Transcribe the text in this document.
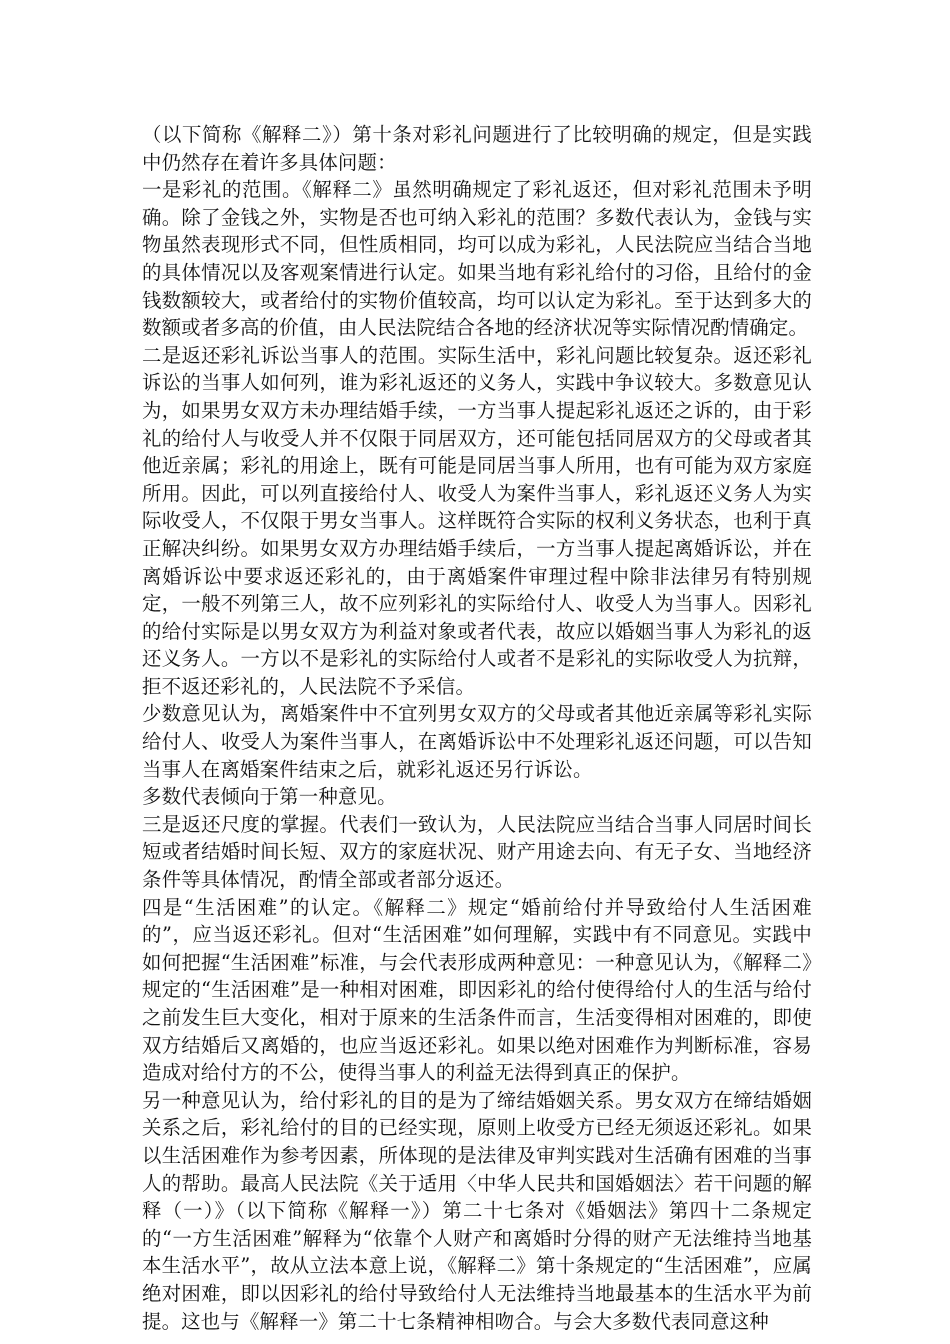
（以下简称《解释二》）第十条对彩礼问题进行了比较明确的规定，但是实践中仍然存在着许多具体问题：

一是彩礼的范围。《解释二》虽然明确规定了彩礼返还，但对彩礼范围未予明确。除了金钱之外，实物是否也可纳入彩礼的范围？多数代表认为，金钱与实物虽然表现形式不同，但性质相同，均可以成为彩礼，人民法院应当结合当地的具体情况以及客观案情进行认定。如果当地有彩礼给付的习俗，且给付的金钱数额较大，或者给付的实物价值较高，均可以认定为彩礼。至于达到多大的数额或者多高的价值，由人民法院结合各地的经济状况等实际情况酌情确定。

二是返还彩礼诉讼当事人的范围。实际生活中，彩礼问题比较复杂。返还彩礼诉讼的当事人如何列，谁为彩礼返还的义务人，实践中争议较大。多数意见认为，如果男女双方未办理结婚手续，一方当事人提起彩礼返还之诉的，由于彩礼的给付人与收受人并不仅限于同居双方，还可能包括同居双方的父母或者其他近亲属；彩礼的用途上，既有可能是同居当事人所用，也有可能为双方家庭所用。因此，可以列直接给付人、收受人为案件当事人，彩礼返还义务人为实际收受人，不仅限于男女当事人。这样既符合实际的权利义务状态，也利于真正解决纠纷。如果男女双方办理结婚手续后，一方当事人提起离婚诉讼，并在离婚诉讼中要求返还彩礼的，由于离婚案件审理过程中除非法律另有特别规定，一般不列第三人，故不应列彩礼的实际给付人、收受人为当事人。因彩礼的给付实际是以男女双方为利益对象或者代表，故应以婚姻当事人为彩礼的返还义务人。一方以不是彩礼的实际给付人或者不是彩礼的实际收受人为抗辩，拒不返还彩礼的，人民法院不予采信。

少数意见认为，离婚案件中不宜列男女双方的父母或者其他近亲属等彩礼实际给付人、收受人为案件当事人，在离婚诉讼中不处理彩礼返还问题，可以告知当事人在离婚案件结束之后，就彩礼返还另行诉讼。

多数代表倾向于第一种意见。

三是返还尺度的掌握。代表们一致认为，人民法院应当结合当事人同居时间长短或者结婚时间长短、双方的家庭状况、财产用途去向、有无子女、当地经济条件等具体情况，酌情全部或者部分返还。

四是“生活困难”的认定。《解释二》规定“婚前给付并导致给付人生活困难的”，应当返还彩礼。但对“生活困难”如何理解，实践中有不同意见。实践中如何把握“生活困难”标准，与会代表形成两种意见：一种意见认为，《解释二》规定的“生活困难”是一种相对困难，即因彩礼的给付使得给付人的生活与给付之前发生巨大变化，相对于原来的生活条件而言，生活变得相对困难的，即使双方结婚后又离婚的，也应当返还彩礼。如果以绝对困难作为判断标准，容易造成对给付方的不公，使得当事人的利益无法得到真正的保护。

另一种意见认为，给付彩礼的目的是为了缔结婚姻关系。男女双方在缔结婚姻关系之后，彩礼给付的目的已经实现，原则上收受方已经无须返还彩礼。如果以生活困难作为参考因素，所体现的是法律及审判实践对生活确有困难的当事人的帮助。最高人民法院《关于适用〈中华人民共和国婚姻法〉若干问题的解释（一）》（以下简称《解释一》）第二十七条对《婚姻法》第四十二条规定的“一方生活困难”解释为“依靠个人财产和离婚时分得的财产无法维持当地基本生活水平”，故从立法本意上说，《解释二》第十条规定的“生活困难”，应属绝对困难，即以因彩礼的给付导致给付人无法维持当地最基本的生活水平为前提。这也与《解释一》第二十七条精神相吻合。与会大多数代表同意这种
